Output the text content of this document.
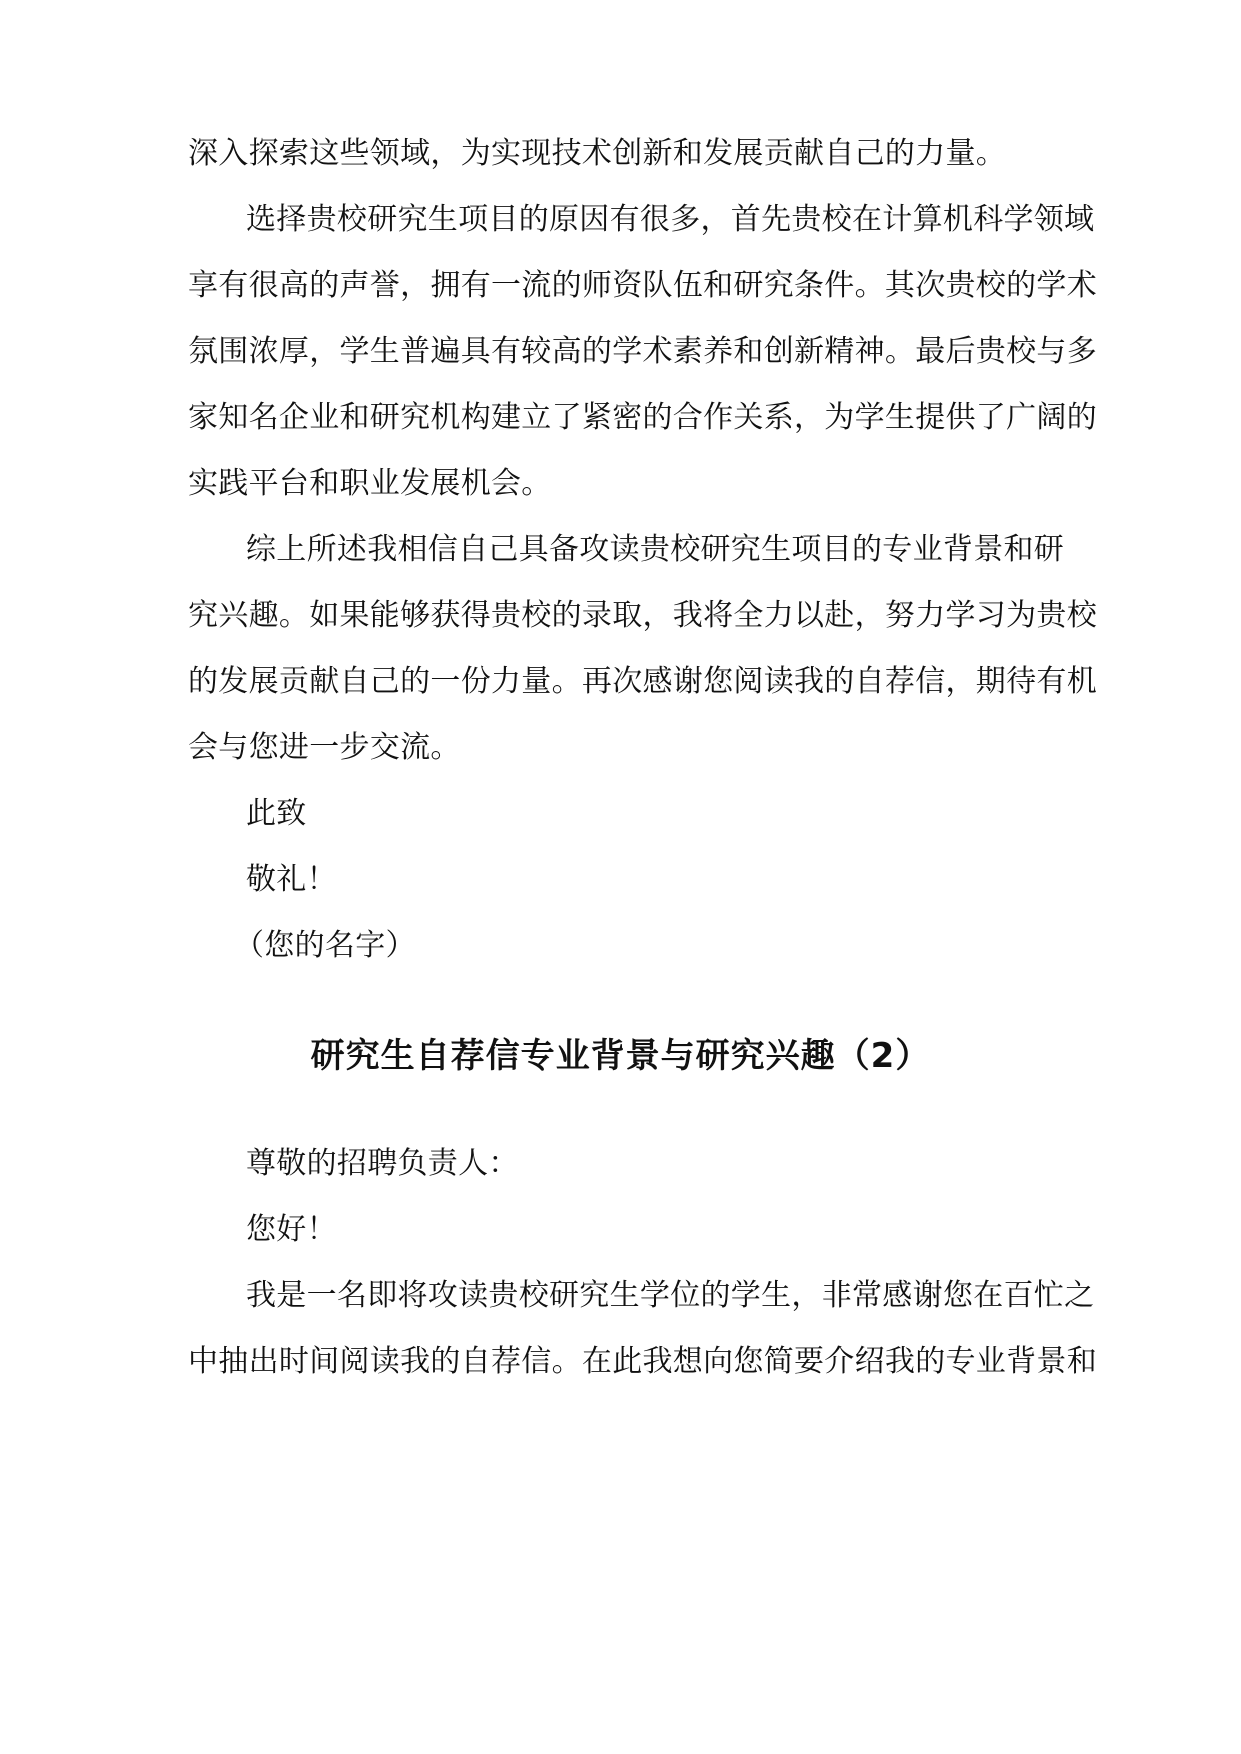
深入探索这些领域，为实现技术创新和发展贡献自己的力量。
选择贵校研究生项目的原因有很多，首先贵校在计算机科学领域
享有很高的声誉，拥有一流的师资队伍和研究条件。其次贵校的学术
氛围浓厚，学生普遍具有较高的学术素养和创新精神。最后贵校与多
家知名企业和研究机构建立了紧密的合作关系，为学生提供了广阔的
实践平台和职业发展机会。
综上所述我相信自己具备攻读贵校研究生项目的专业背景和研
究兴趣。如果能够获得贵校的录取，我将全力以赴，努力学习为贵校
的发展贡献自己的一份力量。再次感谢您阅读我的自荐信，期待有机
会与您进一步交流。
此致
敬礼！
（您的名字）
研究生自荐信专业背景与研究兴趣（2）
尊敬的招聘负责人：
您好！
我是一名即将攻读贵校研究生学位的学生，非常感谢您在百忙之
中抽出时间阅读我的自荐信。在此我想向您简要介绍我的专业背景和
